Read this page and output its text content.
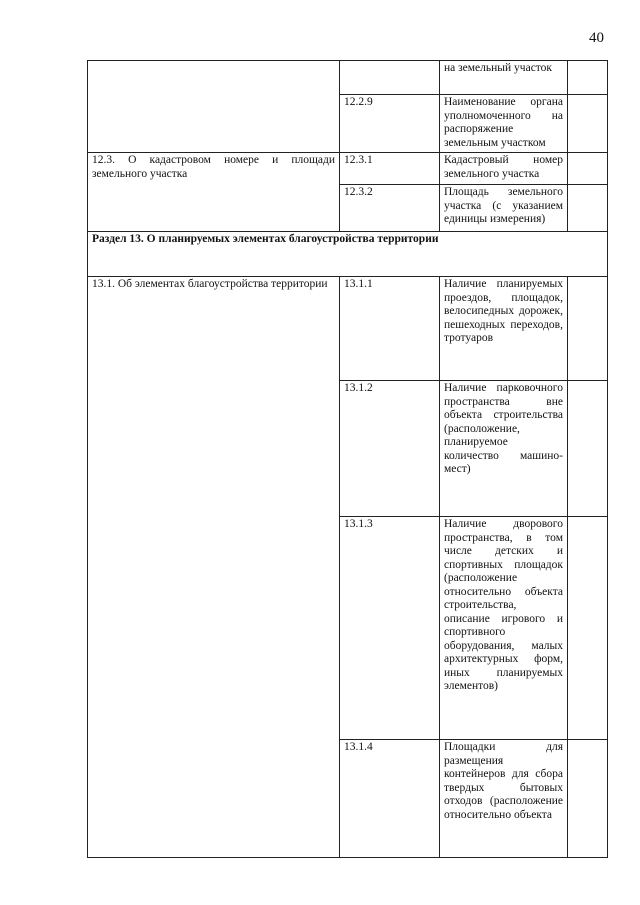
40
		на земельный участок	
	12.2.9	Наименование органа уполномоченного на распоряжение земельным участком	
12.3. О кадастровом номере и площади земельного участка	12.3.1	Кадастровый номер земельного участка	
	12.3.2	Площадь земельного участка (с указанием единицы измерения)	
Раздел 13. О планируемых элементах благоустройства территории			
13.1. Об элементах благоустройства территории	13.1.1	Наличие планируемых проездов, площадок, велосипедных дорожек, пешеходных переходов, тротуаров	
	13.1.2	Наличие парковочного пространства вне объекта строительства (расположение, планируемое количество машино-мест)	
	13.1.3	Наличие дворового пространства, в том числе детских и спортивных площадок (расположение относительно объекта строительства, описание игрового и спортивного оборудования, малых архитектурных форм, иных планируемых элементов)	
	13.1.4	Площадки для размещения контейнеров для сбора твердых бытовых отходов (расположение относительно объекта	
